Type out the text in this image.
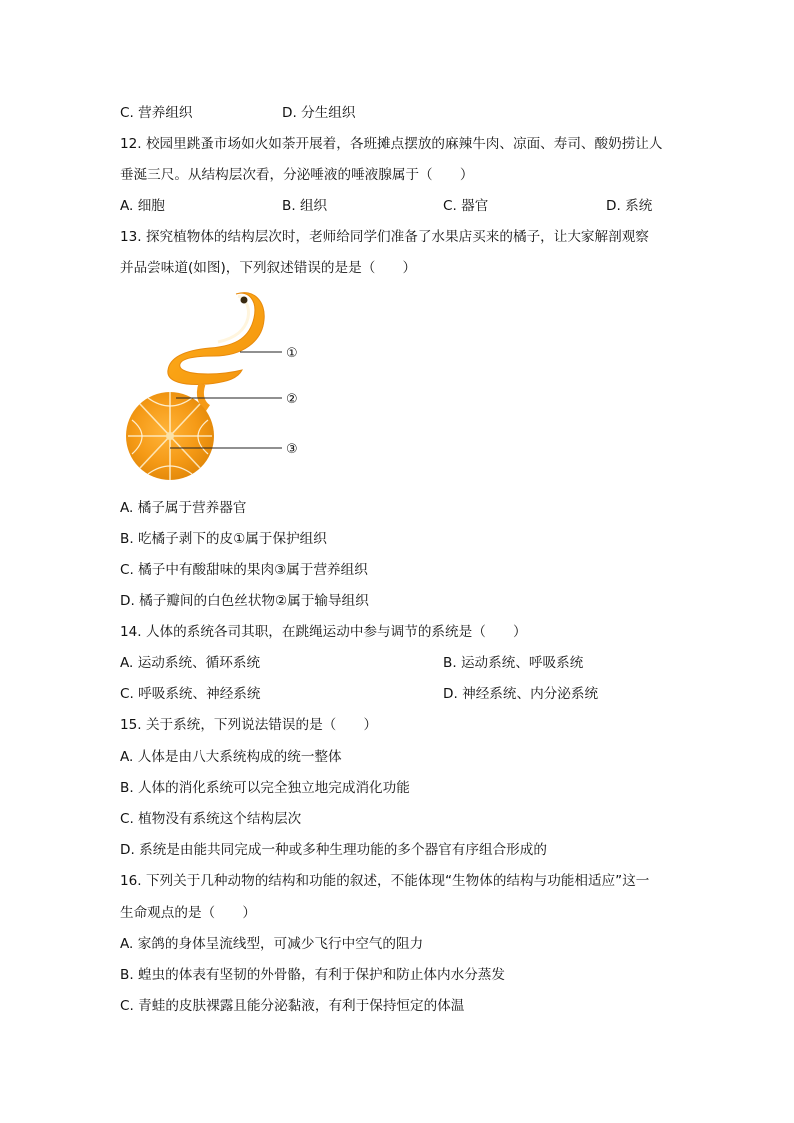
C. 营养组织	D. 分生组织
12. 校园里跳蚤市场如火如荼开展着，各班摊点摆放的麻辣牛肉、凉面、寿司、酸奶捞让人
垂涎三尺。从结构层次看，分泌唾液的唾液腺属于（　　）
A. 细胞	B. 组织	C. 器官	D. 系统
13. 探究植物体的结构层次时，老师给同学们准备了水果店买来的橘子，让大家解剖观察
并品尝味道(如图)，下列叙述错误的是是（　　）
①
②
③
A. 橘子属于营养器官
B. 吃橘子剥下的皮①属于保护组织
C. 橘子中有酸甜味的果肉③属于营养组织
D. 橘子瓣间的白色丝状物②属于输导组织
14. 人体的系统各司其职，在跳绳运动中参与调节的系统是（　　）
A. 运动系统、循环系统	B. 运动系统、呼吸系统
C. 呼吸系统、神经系统	D. 神经系统、内分泌系统
15. 关于系统，下列说法错误的是（　　）
A. 人体是由八大系统构成的统一整体
B. 人体的消化系统可以完全独立地完成消化功能
C. 植物没有系统这个结构层次
D. 系统是由能共同完成一种或多种生理功能的多个器官有序组合形成的
16. 下列关于几种动物的结构和功能的叙述，不能体现“生物体的结构与功能相适应”这一
生命观点的是（　　）
A. 家鸽的身体呈流线型，可减少飞行中空气的阻力
B. 蝗虫的体表有坚韧的外骨骼，有利于保护和防止体内水分蒸发
C. 青蛙的皮肤裸露且能分泌黏液，有利于保持恒定的体温
